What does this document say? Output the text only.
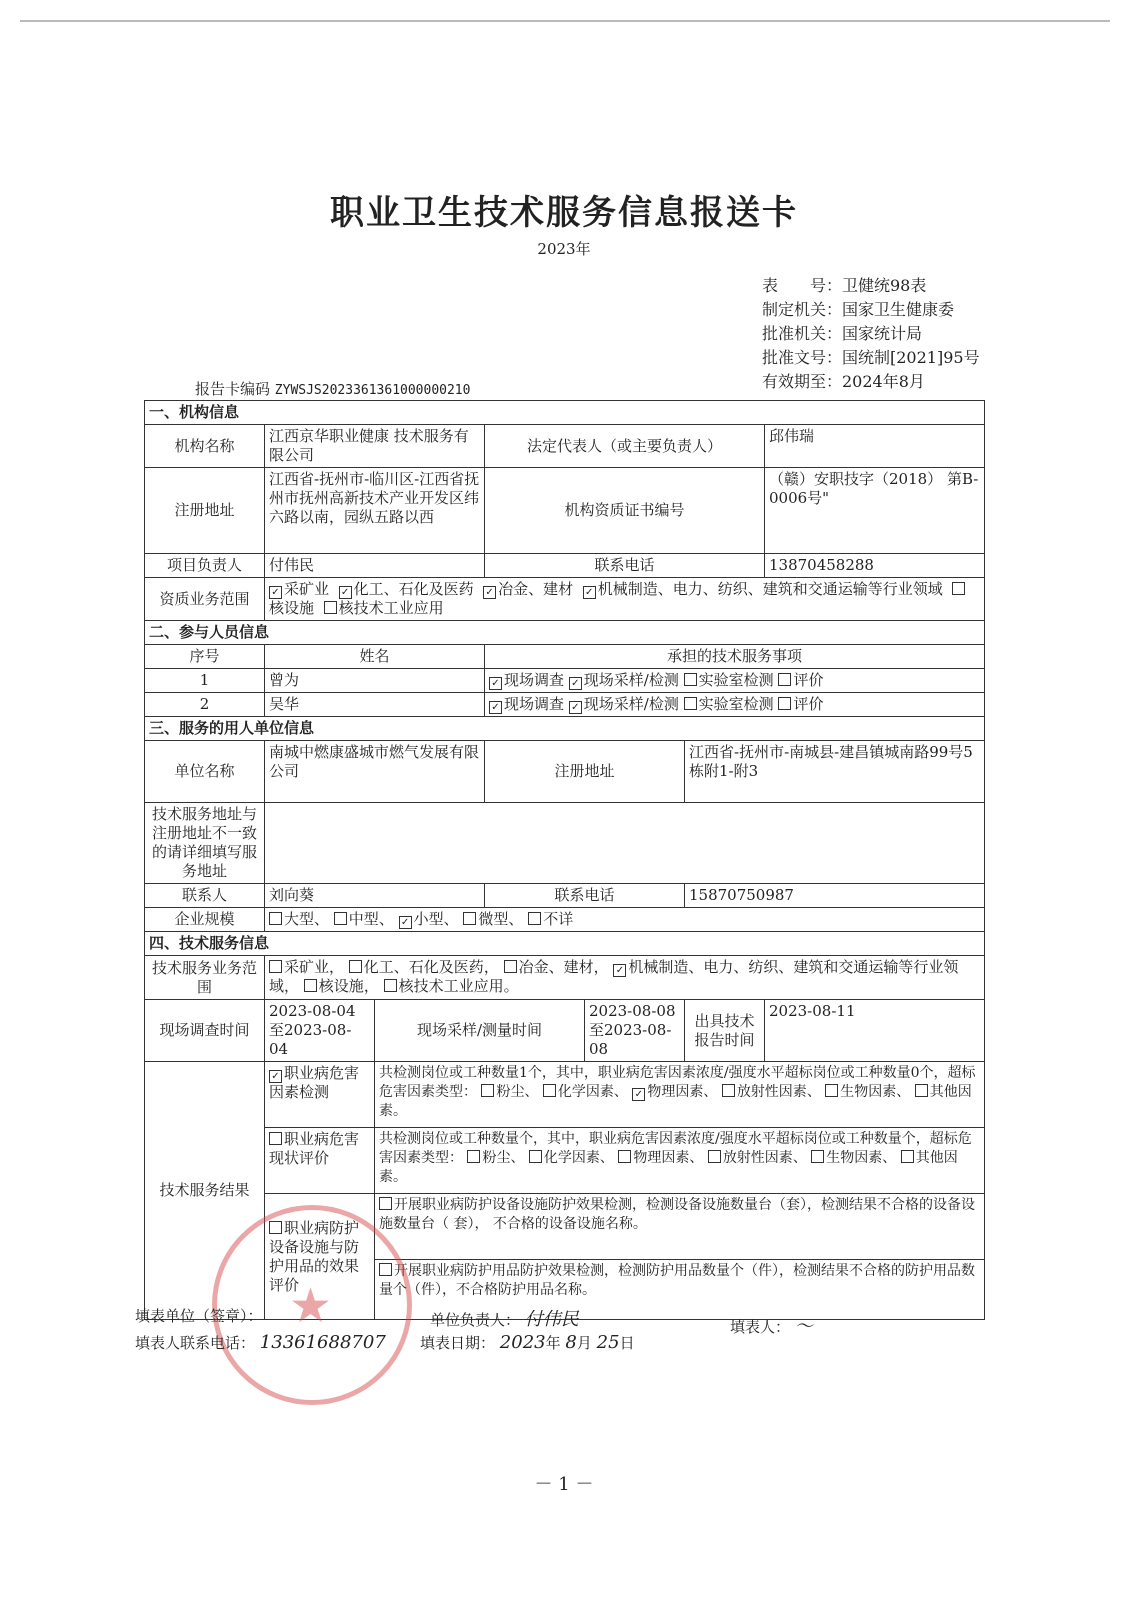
职业卫生技术服务信息报送卡
2023年
表　　号：卫健统98表
制定机关：国家卫生健康委
批准机关：国家统计局
批准文号：国统制[2021]95号
有效期至：2024年8月
报告卡编码 ZYWSJS2023361361000000210
一、机构信息						
机构名称	江西京华职业健康 技术服务有限公司		法定代表人（或主要负责人）			邱伟瑞
注册地址	江西省-抚州市-临川区-江西省抚州市抚州高新技术产业开发区纬六路以南，园纵五路以西		机构资质证书编号			（赣）安职技字（2018） 第B-0006号"
项目负责人	付伟民		联系电话			13870458288
资质业务范围	✓ 采矿业 ✓ 化工、石化及医药 ✓ 冶金、建材 ✓ 机械制造、电力、纺织、建筑和交通运输等行业领域  核设施 核技术工业应用					
二、参与人员信息						
序号	姓名		承担的技术服务事项			
1	曾为		✓ 现场调查 ✓ 现场采样/检测 实验室检测 评价			
2	吴华		✓ 现场调查 ✓ 现场采样/检测 实验室检测 评价			
三、服务的用人单位信息						
单位名称	南城中燃康盛城市燃气发展有限公司		注册地址		江西省-抚州市-南城县-建昌镇城南路99号5栋附1-附3	
技术服务地址与注册地址不一致的请详细填写服务地址						
联系人	刘向葵		联系电话		15870750987	
企业规模	大型、 中型、 ✓ 小型、 微型、 不详					
四、技术服务信息						
技术服务业务范围	采矿业， 化工、石化及医药， 冶金、建材， ✓ 机械制造、电力、纺织、建筑和交通运输等行业领域， 核设施， 核技术工业应用。					
现场调查时间	2023-08-04至2023-08-04	现场采样/测量时间		2023-08-08至2023-08-08	出具技术报告时间	2023-08-11
技术服务结果	✓ 职业病危害因素检测	共检测岗位或工种数量1个，其中，职业病危害因素浓度/强度水平超标岗位或工种数量0个，超标危害因素类型： 粉尘、 化学因素、 ✓ 物理因素、 放射性因素、 生物因素、 其他因素。				
	职业病危害现状评价	共检测岗位或工种数量个，其中，职业病危害因素浓度/强度水平超标岗位或工种数量个，超标危害因素类型： 粉尘、 化学因素、 物理因素、 放射性因素、 生物因素、 其他因素。				
	职业病防护设备设施与防护用品的效果评价	开展职业病防护设备设施防护效果检测，检测设备设施数量台（套），检测结果不合格的设备设施数量台（ 套）， 不合格的设备设施名称。				
		开展职业病防护用品防护效果检测，检测防护用品数量个（件），检测结果不合格的防护用品数量个（件），不合格防护用品名称。				
★
填表单位（签章）：	单位负责人： 付伟民	填表人： ～
填表人联系电话： 13361688707 填表日期： 2023年 8月 25日
－ 1 －
